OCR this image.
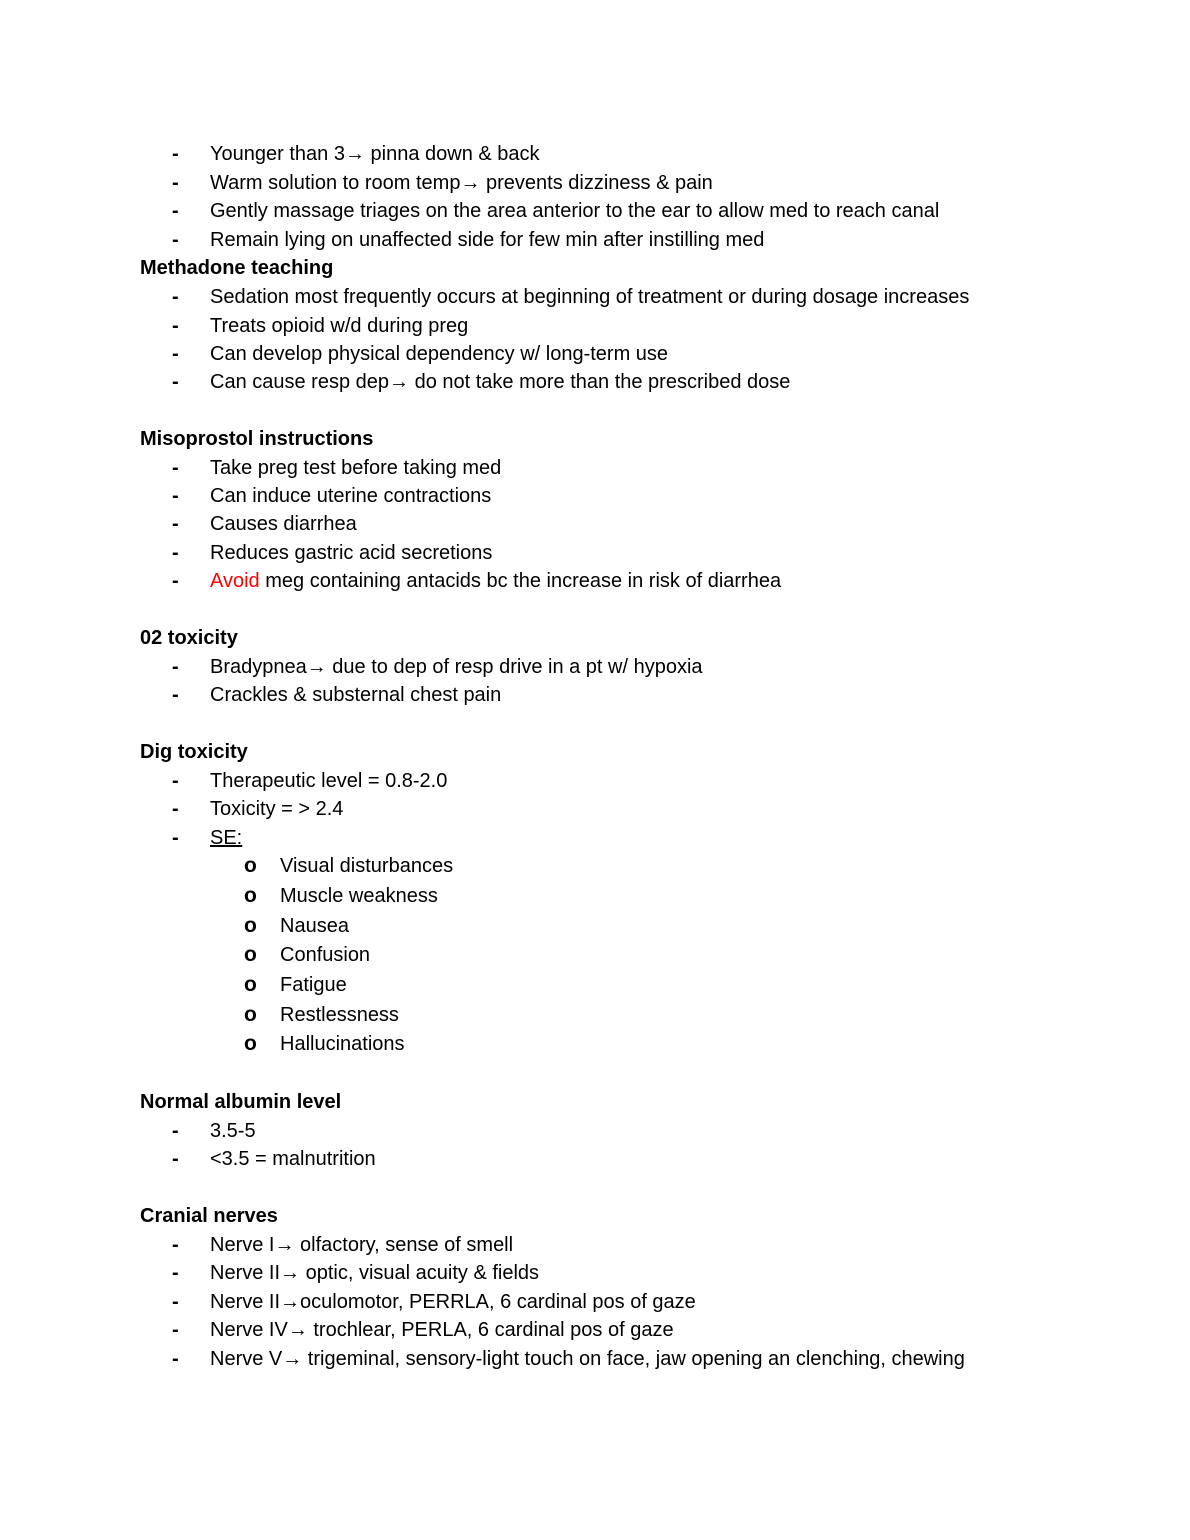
- Younger than 3→ pinna down & back
- Warm solution to room temp→ prevents dizziness & pain
- Gently massage triages on the area anterior to the ear to allow med to reach canal
- Remain lying on unaffected side for few min after instilling med
Methadone teaching
- Sedation most frequently occurs at beginning of treatment or during dosage increases
- Treats opioid w/d during preg
- Can develop physical dependency w/ long-term use
- Can cause resp dep→ do not take more than the prescribed dose
Misoprostol instructions
- Take preg test before taking med
- Can induce uterine contractions
- Causes diarrhea
- Reduces gastric acid secretions
- Avoid meg containing antacids bc the increase in risk of diarrhea
02 toxicity
- Bradypnea→ due to dep of resp drive in a pt w/ hypoxia
- Crackles & substernal chest pain
Dig toxicity
- Therapeutic level = 0.8-2.0
- Toxicity = > 2.4
- SE:
o Visual disturbances
o Muscle weakness
o Nausea
o Confusion
o Fatigue
o Restlessness
o Hallucinations
Normal albumin level
- 3.5-5
- <3.5 = malnutrition
Cranial nerves
- Nerve I→ olfactory, sense of smell
- Nerve II→ optic, visual acuity & fields
- Nerve II→oculomotor, PERRLA, 6 cardinal pos of gaze
- Nerve IV→ trochlear, PERLA, 6 cardinal pos of gaze
- Nerve V→ trigeminal, sensory-light touch on face, jaw opening an clenching, chewing
